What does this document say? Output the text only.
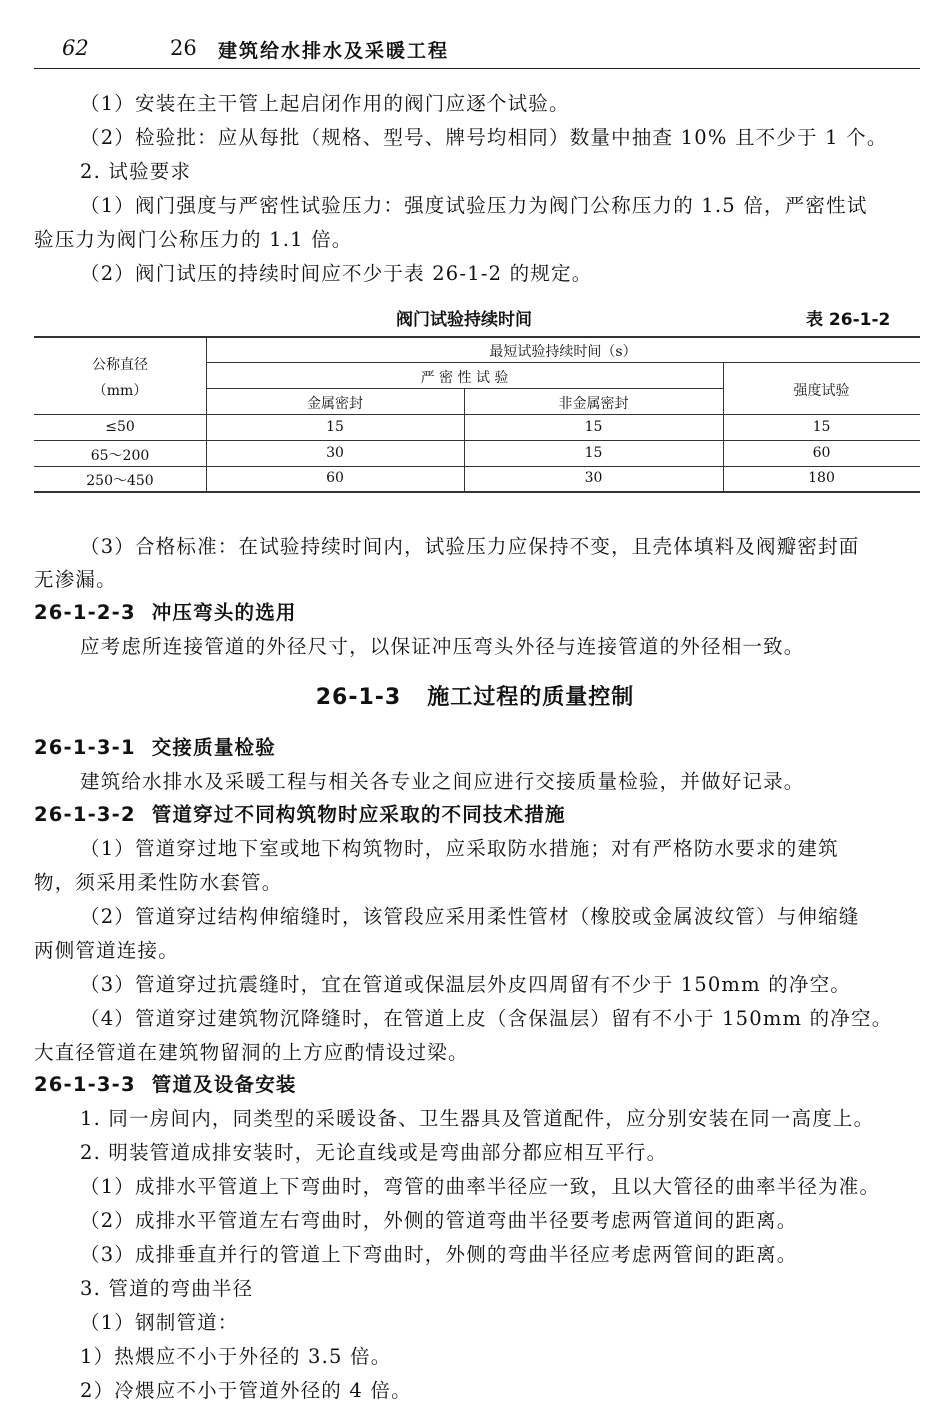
62	26 建筑给水排水及采暖工程
（1）安装在主干管上起启闭作用的阀门应逐个试验。
（2）检验批：应从每批（规格、型号、牌号均相同）数量中抽查 10% 且不少于 1 个。
2. 试验要求
（1）阀门强度与严密性试验压力：强度试验压力为阀门公称压力的 1.5 倍，严密性试
验压力为阀门公称压力的 1.1 倍。
（2）阀门试压的持续时间应不少于表 26-1-2 的规定。
阀门试验持续时间	表 26-1-2
公称直径
（mm）
最短试验持续时间（s）
严 密 性 试 验
金属密封	非金属密封
强度试验
≤50	15	15	15
65～200	30	15	60
250～450	60	30	180
（3）合格标准：在试验持续时间内，试验压力应保持不变，且壳体填料及阀瓣密封面
无渗漏。
26-1-2-3 冲压弯头的选用
应考虑所连接管道的外径尺寸，以保证冲压弯头外径与连接管道的外径相一致。
26-1-3 施工过程的质量控制
26-1-3-1 交接质量检验
建筑给水排水及采暖工程与相关各专业之间应进行交接质量检验，并做好记录。
26-1-3-2 管道穿过不同构筑物时应采取的不同技术措施
（1）管道穿过地下室或地下构筑物时，应采取防水措施；对有严格防水要求的建筑
物，须采用柔性防水套管。
（2）管道穿过结构伸缩缝时，该管段应采用柔性管材（橡胶或金属波纹管）与伸缩缝
两侧管道连接。
（3）管道穿过抗震缝时，宜在管道或保温层外皮四周留有不少于 150mm 的净空。
（4）管道穿过建筑物沉降缝时，在管道上皮（含保温层）留有不小于 150mm 的净空。
大直径管道在建筑物留洞的上方应酌情设过梁。
26-1-3-3 管道及设备安装
1. 同一房间内，同类型的采暖设备、卫生器具及管道配件，应分别安装在同一高度上。
2. 明装管道成排安装时，无论直线或是弯曲部分都应相互平行。
（1）成排水平管道上下弯曲时，弯管的曲率半径应一致，且以大管径的曲率半径为准。
（2）成排水平管道左右弯曲时，外侧的管道弯曲半径要考虑两管道间的距离。
（3）成排垂直并行的管道上下弯曲时，外侧的弯曲半径应考虑两管间的距离。
3. 管道的弯曲半径
（1）钢制管道：
1）热煨应不小于外径的 3.5 倍。
2）冷煨应不小于管道外径的 4 倍。
